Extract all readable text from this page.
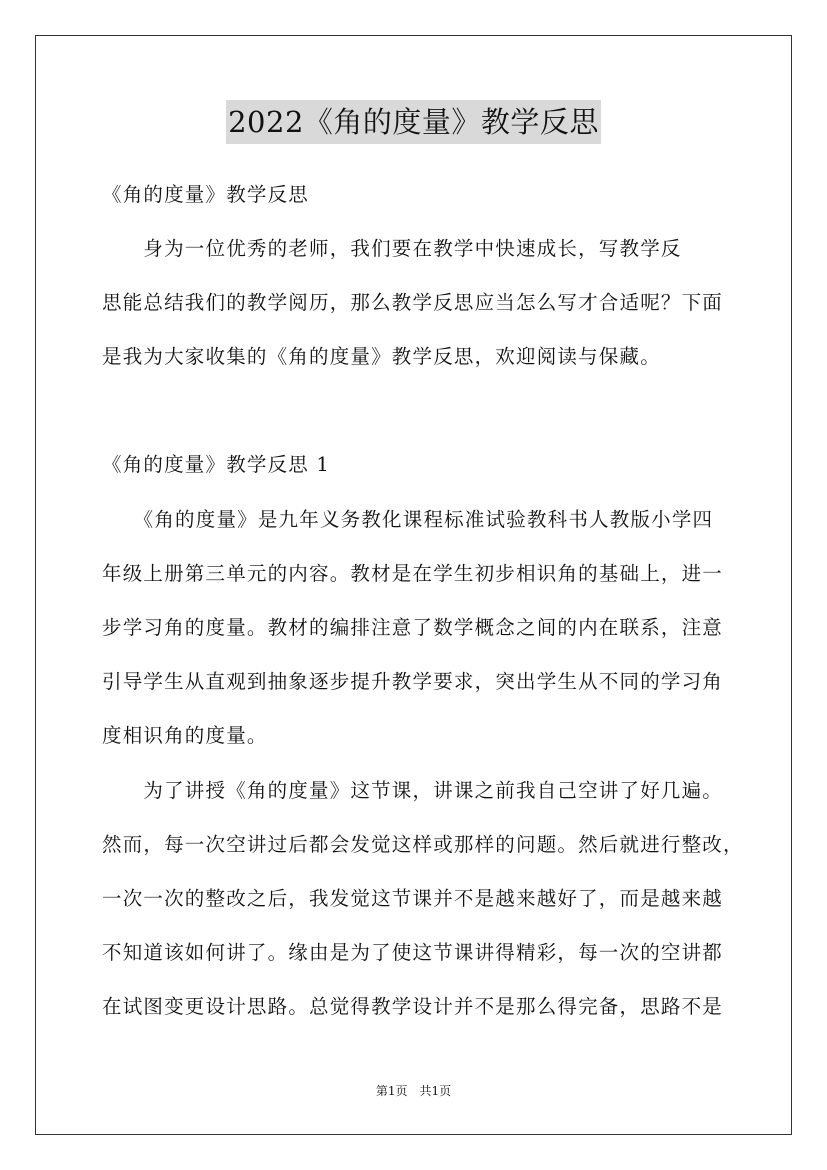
2022《角的度量》教学反思
《角的度量》教学反思
　　身为一位优秀的老师，我们要在教学中快速成长，写教学反
思能总结我们的教学阅历，那么教学反思应当怎么写才合适呢？下面
是我为大家收集的《角的度量》教学反思，欢迎阅读与保藏。
《角的度量》教学反思 1
　　《角的度量》是九年义务教化课程标准试验教科书人教版小学四
年级上册第三单元的内容。教材是在学生初步相识角的基础上，进一
步学习角的度量。教材的编排注意了数学概念之间的内在联系，注意
引导学生从直观到抽象逐步提升教学要求，突出学生从不同的学习角
度相识角的度量。
　　为了讲授《角的度量》这节课，讲课之前我自己空讲了好几遍。
然而，每一次空讲过后都会发觉这样或那样的问题。然后就进行整改，
一次一次的整改之后，我发觉这节课并不是越来越好了，而是越来越
不知道该如何讲了。缘由是为了使这节课讲得精彩，每一次的空讲都
在试图变更设计思路。总觉得教学设计并不是那么得完备，思路不是
第1页　共1页
